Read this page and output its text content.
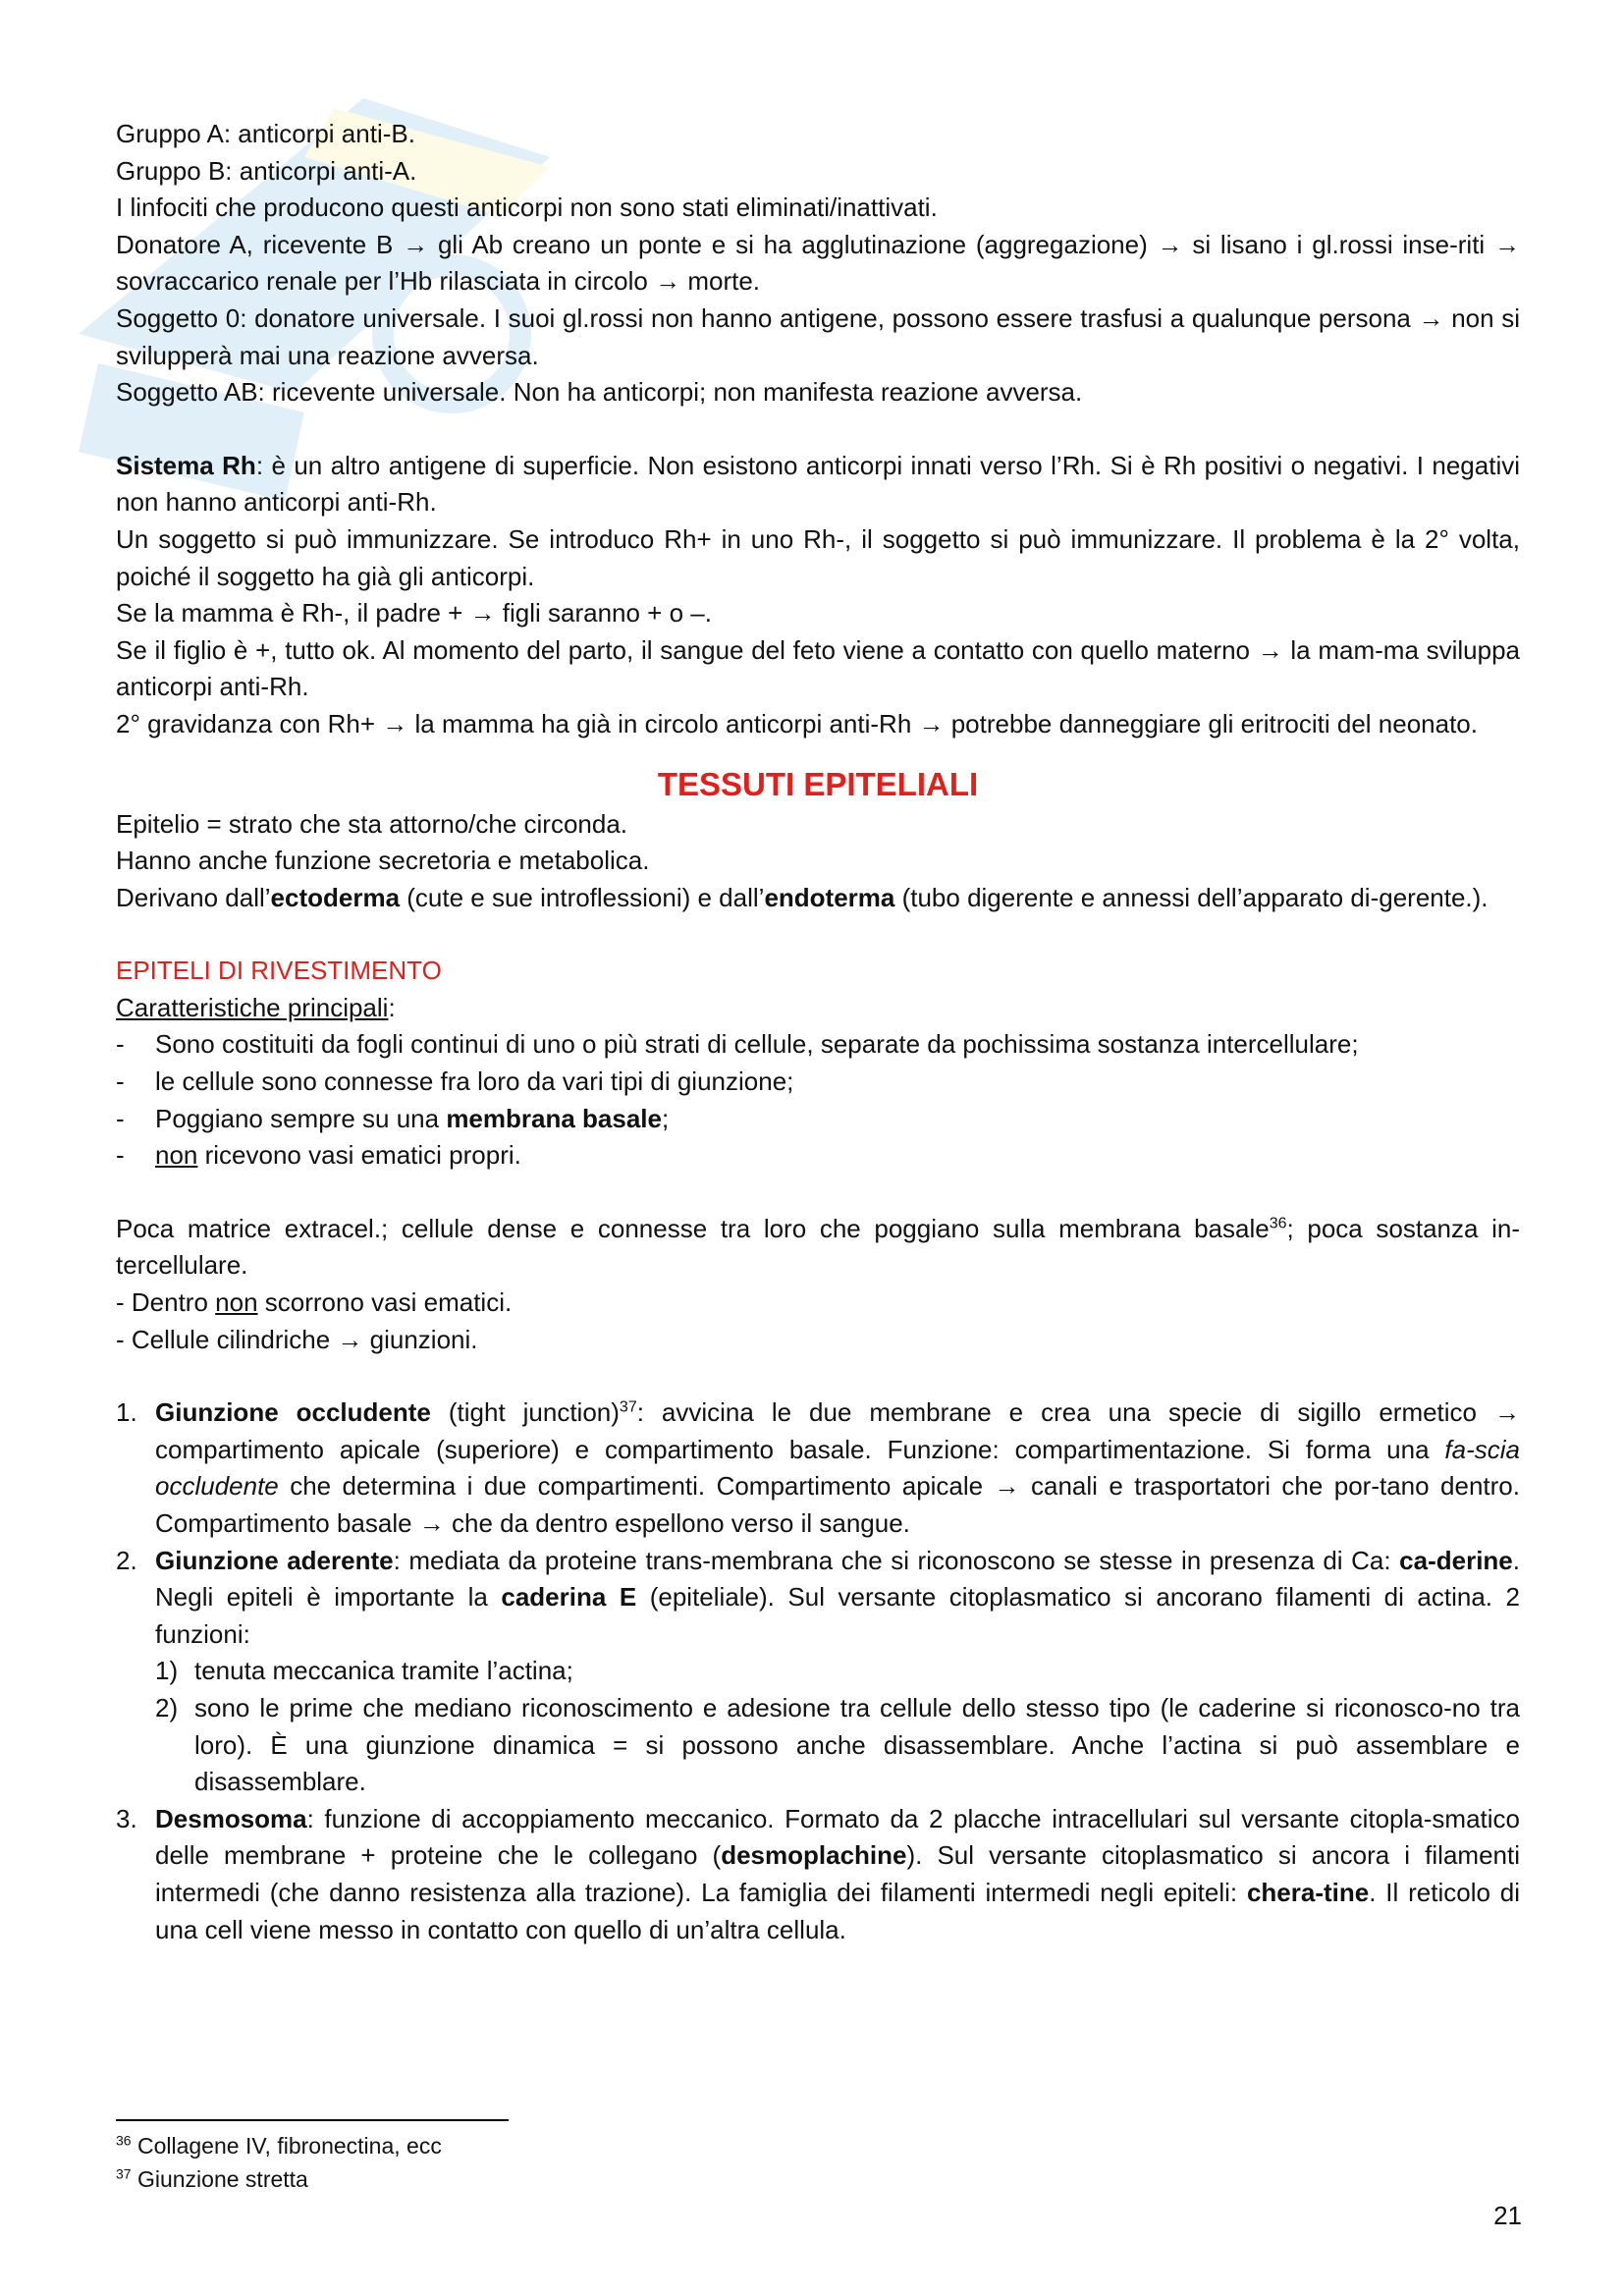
Gruppo A: anticorpi anti-B.

Gruppo B: anticorpi anti-A.

I linfociti che producono questi anticorpi non sono stati eliminati/inattivati.

Donatore A, ricevente B → gli Ab creano un ponte e si ha agglutinazione (aggregazione) → si lisano i gl.rossi inse-riti → sovraccarico renale per l’Hb rilasciata in circolo → morte.

Soggetto 0: donatore universale. I suoi gl.rossi non hanno antigene, possono essere trasfusi a qualunque persona → non si svilupperà mai una reazione avversa.

Soggetto AB: ricevente universale. Non ha anticorpi; non manifesta reazione avversa.

Sistema Rh: è un altro antigene di superficie. Non esistono anticorpi innati verso l’Rh. Si è Rh positivi o negativi. I negativi non hanno anticorpi anti-Rh.

Un soggetto si può immunizzare. Se introduco Rh+ in uno Rh-, il soggetto si può immunizzare. Il problema è la 2° volta, poiché il soggetto ha già gli anticorpi.

Se la mamma è Rh-, il padre + → figli saranno + o –.

Se il figlio è +, tutto ok. Al momento del parto, il sangue del feto viene a contatto con quello materno → la mam-ma sviluppa anticorpi anti-Rh.

2° gravidanza con Rh+ → la mamma ha già in circolo anticorpi anti-Rh → potrebbe danneggiare gli eritrociti del neonato.

TESSUTI EPITELIALI

Epitelio = strato che sta attorno/che circonda.

Hanno anche funzione secretoria e metabolica.

Derivano dall’ectoderma (cute e sue introflessioni) e dall’endoterma (tubo digerente e annessi dell’apparato di-gerente.).

EPITELI DI RIVESTIMENTO

Caratteristiche principali:

- Sono costituiti da fogli continui di uno o più strati di cellule, separate da pochissima sostanza intercellulare;
- le cellule sono connesse fra loro da vari tipi di giunzione;
- Poggiano sempre su una membrana basale;
- non ricevono vasi ematici propri.

Poca matrice extracel.; cellule dense e connesse tra loro che poggiano sulla membrana basale$^{36}$; poca sostanza in-tercellulare.

- Dentro non scorrono vasi ematici.

- Cellule cilindriche → giunzioni.

1. Giunzione occludente (tight junction)$^{37}$: avvicina le due membrane e crea una specie di sigillo ermetico → compartimento apicale (superiore) e compartimento basale. Funzione: compartimentazione. Si forma una fa-scia occludente che determina i due compartimenti. Compartimento apicale → canali e trasportatori che por-tano dentro. Compartimento basale → che da dentro espellono verso il sangue.
2. Giunzione aderente: mediata da proteine trans-membrana che si riconoscono se stesse in presenza di Ca: ca-derine. Negli epiteli è importante la caderina E (epiteliale). Sul versante citoplasmatico si ancorano filamenti di actina. 2 funzioni:
1) tenuta meccanica tramite l’actina;
2) sono le prime che mediano riconoscimento e adesione tra cellule dello stesso tipo (le caderine si riconosco-no tra loro). È una giunzione dinamica = si possono anche disassemblare. Anche l’actina si può assemblare e disassemblare.
3. Desmosoma: funzione di accoppiamento meccanico. Formato da 2 placche intracellulari sul versante citopla-smatico delle membrane + proteine che le collegano (desmoplachine). Sul versante citoplasmatico si ancora i filamenti intermedi (che danno resistenza alla trazione). La famiglia dei filamenti intermedi negli epiteli: chera-tine. Il reticolo di una cell viene messo in contatto con quello di un’altra cellula.
$^{36}$ Collagene IV, fibronectina, ecc
$^{37}$ Giunzione stretta
21
